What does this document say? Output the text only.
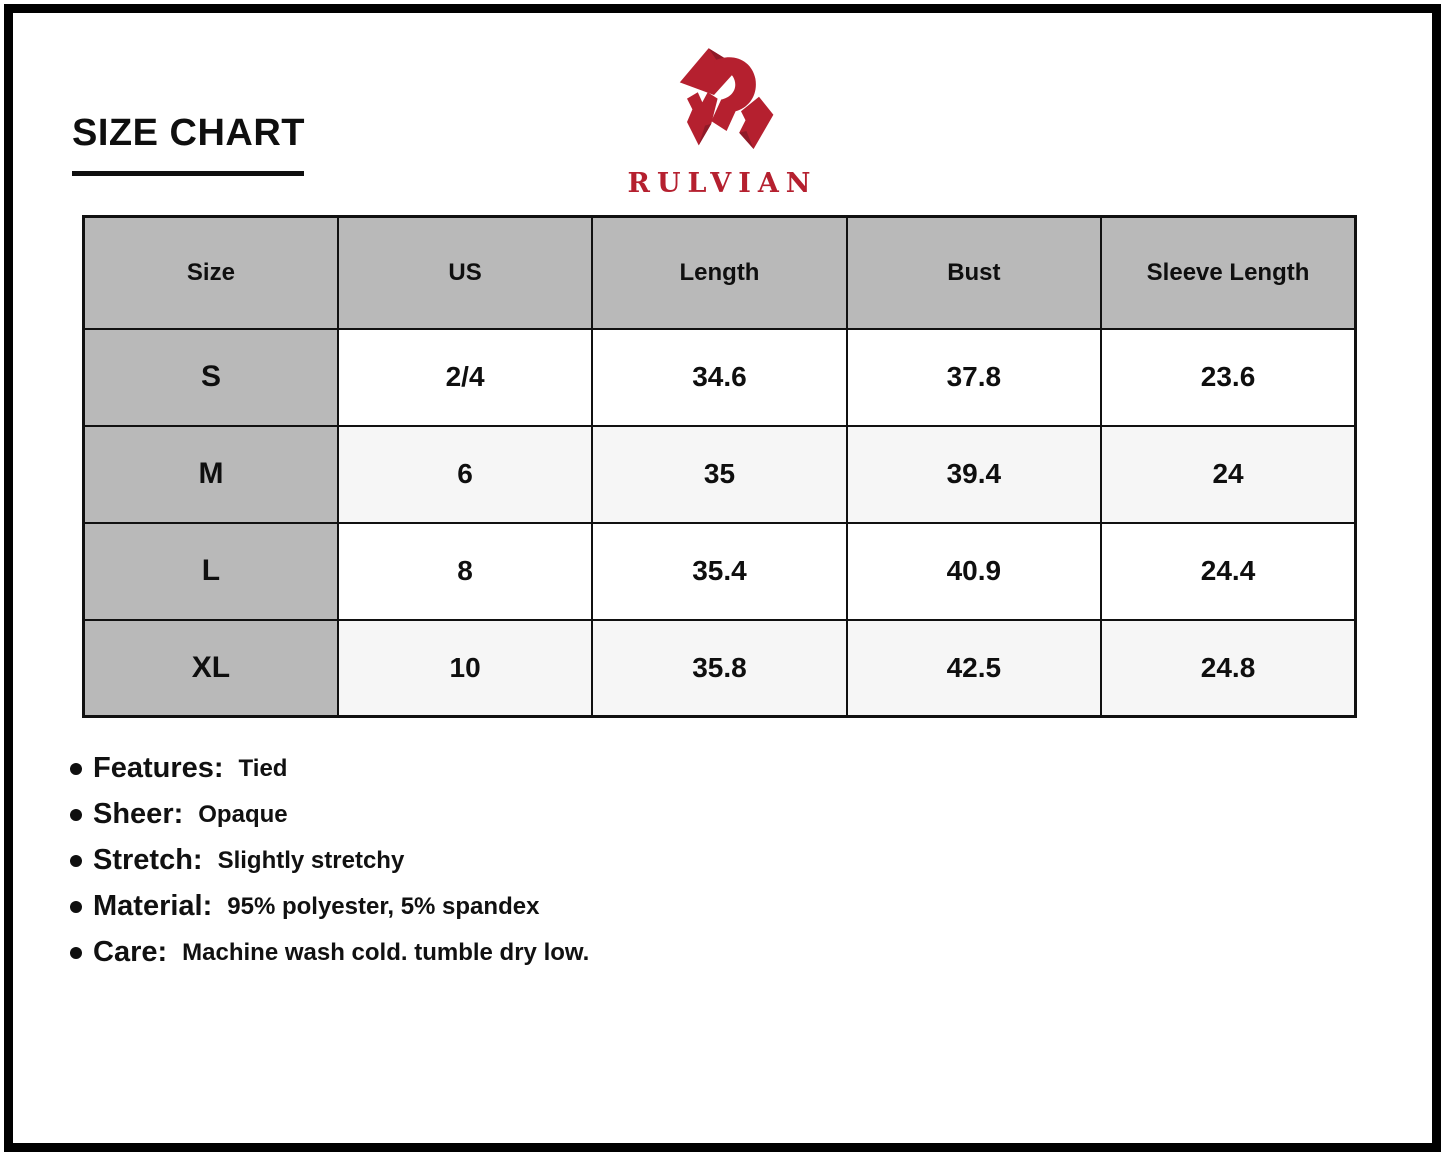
SIZE CHART
RULVIAN
Size	US	Length	Bust	Sleeve Length
S	2/4	34.6	37.8	23.6
M	6	35	39.4	24
L	8	35.4	40.9	24.4
XL	10	35.8	42.5	24.8
Features: Tied
Sheer: Opaque
Stretch: Slightly stretchy
Material: 95% polyester, 5% spandex
Care: Machine wash cold. tumble dry low.
